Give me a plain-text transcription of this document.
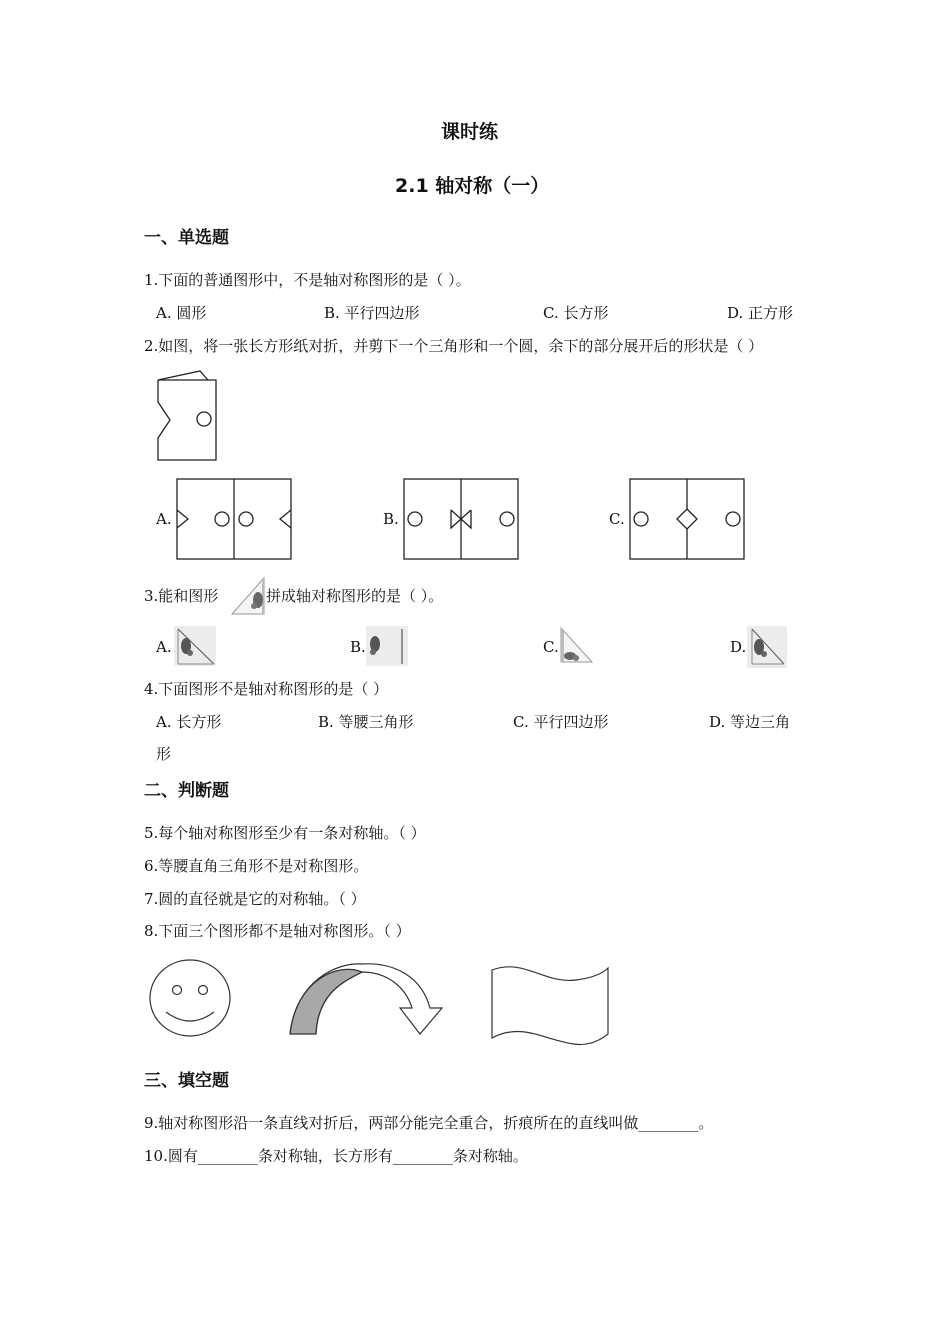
课时练
2.1 轴对称（一）
一、单选题
1.下面的普通图形中，不是轴对称图形的是（ ）。
A. 圆形	B. 平行四边形	C. 长方形	D. 正方形
2.如图，将一张长方形纸对折，并剪下一个三角形和一个圆，余下的部分展开后的形状是（ ）
A.	B.	C.
3.能和图形	拼成轴对称图形的是（ ）。
A.	B.	C.	D.
4.下面图形不是轴对称图形的是（ ）
A. 长方形	B. 等腰三角形	C. 平行四边形	D. 等边三角
形
二、判断题
5.每个轴对称图形至少有一条对称轴。（ ）
6.等腰直角三角形不是对称图形。
7.圆的直径就是它的对称轴。（ ）
8.下面三个图形都不是轴对称图形。（ ）
三、填空题
9.轴对称图形沿一条直线对折后，两部分能完全重合，折痕所在的直线叫做________。
10.圆有________条对称轴，长方形有________条对称轴。
